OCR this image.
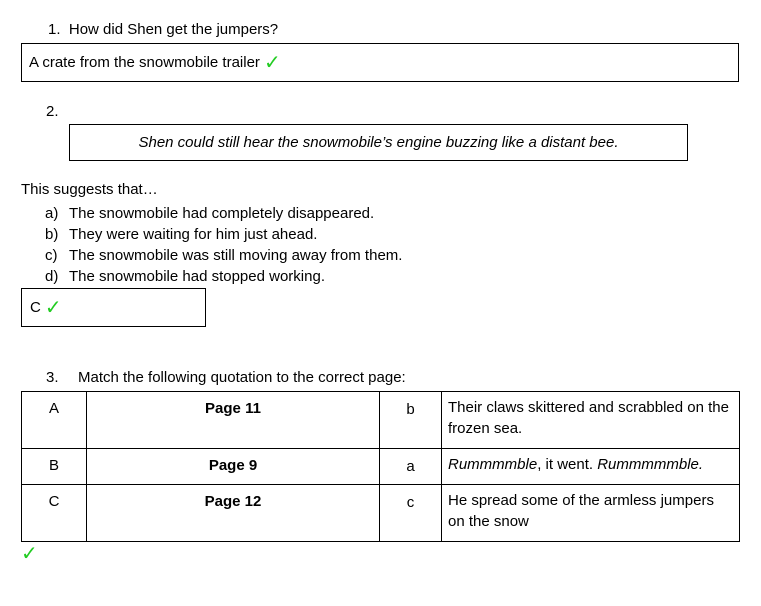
1. How did Shen get the jumpers?
A crate from the snowmobile trailer ✓
2.
Shen could still hear the snowmobile’s engine buzzing like a distant bee.
This suggests that…
a) The snowmobile had completely disappeared.
b) They were waiting for him just ahead.
c) The snowmobile was still moving away from them.
d) The snowmobile had stopped working.
C ✓
3. Match the following quotation to the correct page:
A	Page 11	b	Their claws skittered and scrabbled on the frozen sea.
B	Page 9	a	Rummmmble, it went. Rummmmmble.
C	Page 12	c	He spread some of the armless jumpers on the snow
✓
